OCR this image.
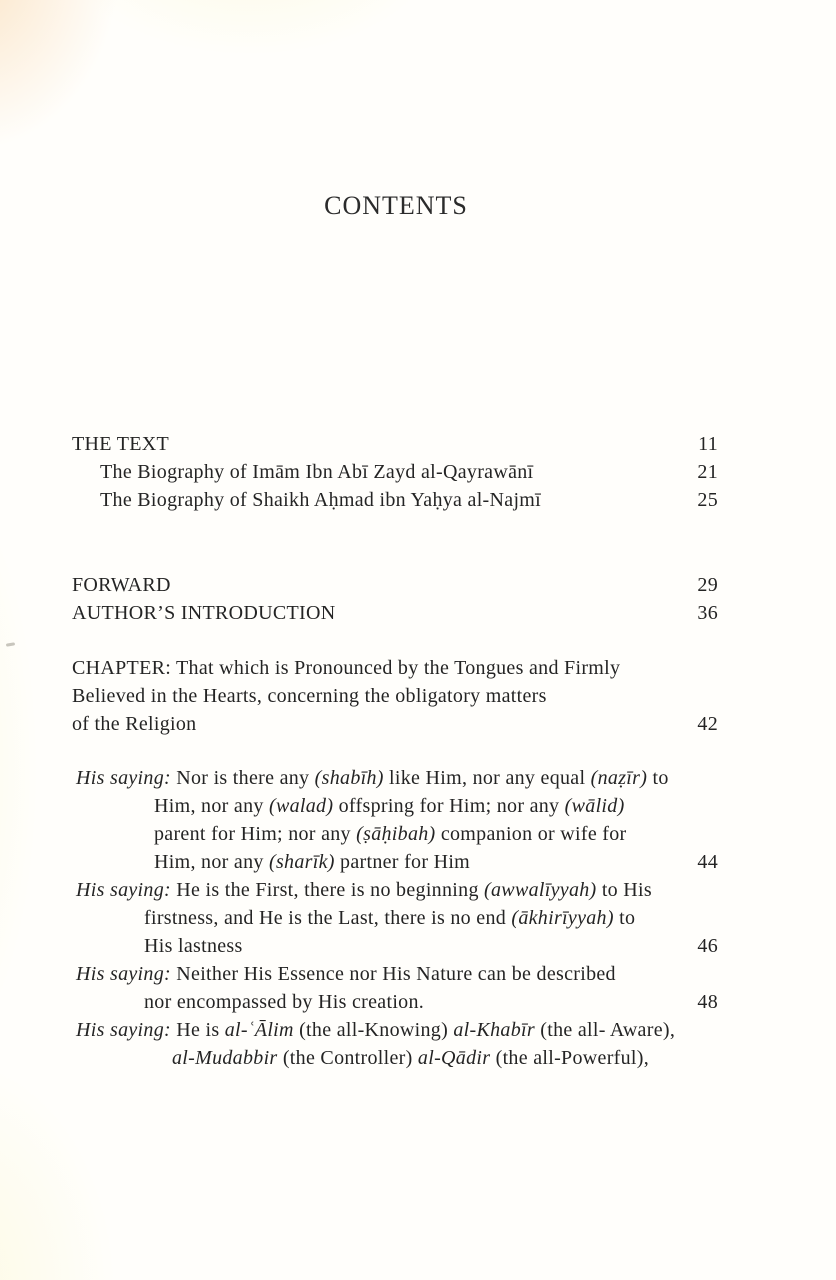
CONTENTS
THE TEXT	11
The Biography of Imām Ibn Abī Zayd al-Qayrawānī	21
The Biography of Shaikh Aḥmad ibn Yaḥya al-Najmī	25
FORWARD	29
AUTHOR’S INTRODUCTION	36
CHAPTER: That which is Pronounced by the Tongues and Firmly
Believed in the Hearts, concerning the obligatory matters
of the Religion	42
His saying: Nor is there any (shabīh) like Him, nor any equal (naẓīr) to
Him, nor any (walad) offspring for Him; nor any (wālid)
parent for Him; nor any (ṣāḥibah) companion or wife for
Him, nor any (sharīk) partner for Him	44
His saying: He is the First, there is no beginning (awwalīyyah) to His
firstness, and He is the Last, there is no end (ākhirīyyah) to
His lastness	46
His saying: Neither His Essence nor His Nature can be described
nor encompassed by His creation.	48
His saying: He is al-ʿĀlim (the all-Knowing) al-Khabīr (the all- Aware),
al-Mudabbir (the Controller) al-Qādir (the all-Powerful),
